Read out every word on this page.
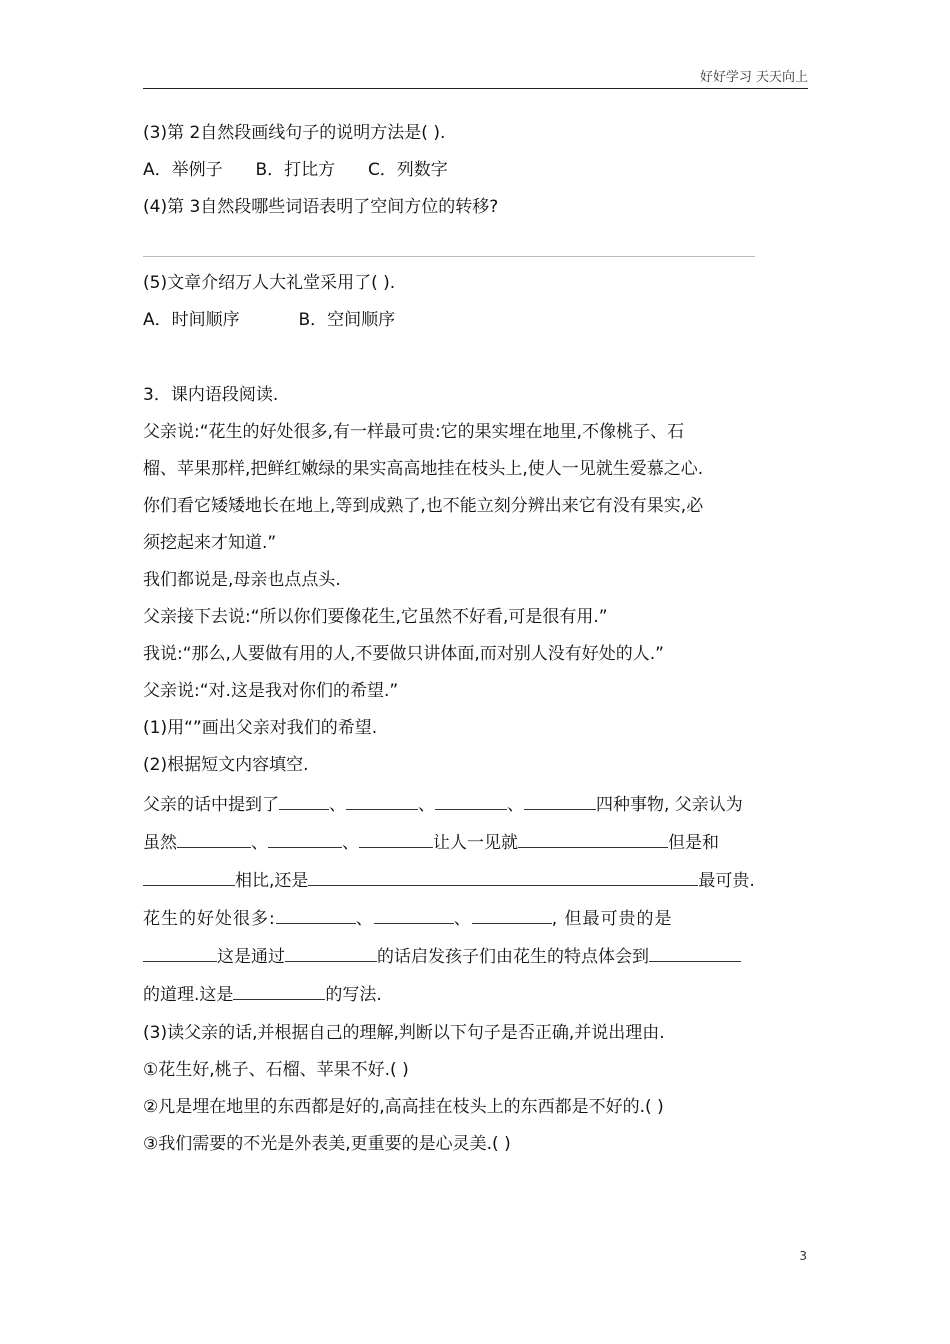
好好学习 天天向上
(3)第 2自然段画线句子的说明方法是( ).
A．举例子 B．打比方 C．列数字
(4)第 3自然段哪些词语表明了空间方位的转移?
(5)文章介绍万人大礼堂采用了( ).
A．时间顺序	B．空间顺序
3．课内语段阅读.
父亲说:“花生的好处很多,有一样最可贵:它的果实埋在地里,不像桃子、石
榴、苹果那样,把鲜红嫩绿的果实高高地挂在枝头上,使人一见就生爱慕之心.
你们看它矮矮地长在地上,等到成熟了,也不能立刻分辨出来它有没有果实,必
须挖起来才知道.”
我们都说是,母亲也点点头.
父亲接下去说:“所以你们要像花生,它虽然不好看,可是很有用.”
我说:“那么,人要做有用的人,不要做只讲体面,而对别人没有好处的人.”
父亲说:“对.这是我对你们的希望.”
(1)用“”画出父亲对我们的希望.
(2)根据短文内容填空.
父亲的话中提到了	、	、	、	四种事物, 父亲认为
虽然	、	、	让人一见就	但是和
相比,还是	最可贵.
花生的好处很多:	、	、	, 但最可贵的是
这是通过	的话启发孩子们由花生的特点体会到
的道理.这是	的写法.
(3)读父亲的话,并根据自己的理解,判断以下句子是否正确,并说出理由.
①花生好,桃子、石榴、苹果不好.( )
②凡是埋在地里的东西都是好的,高高挂在枝头上的东西都是不好的.( )
③我们需要的不光是外表美,更重要的是心灵美.( )
3
